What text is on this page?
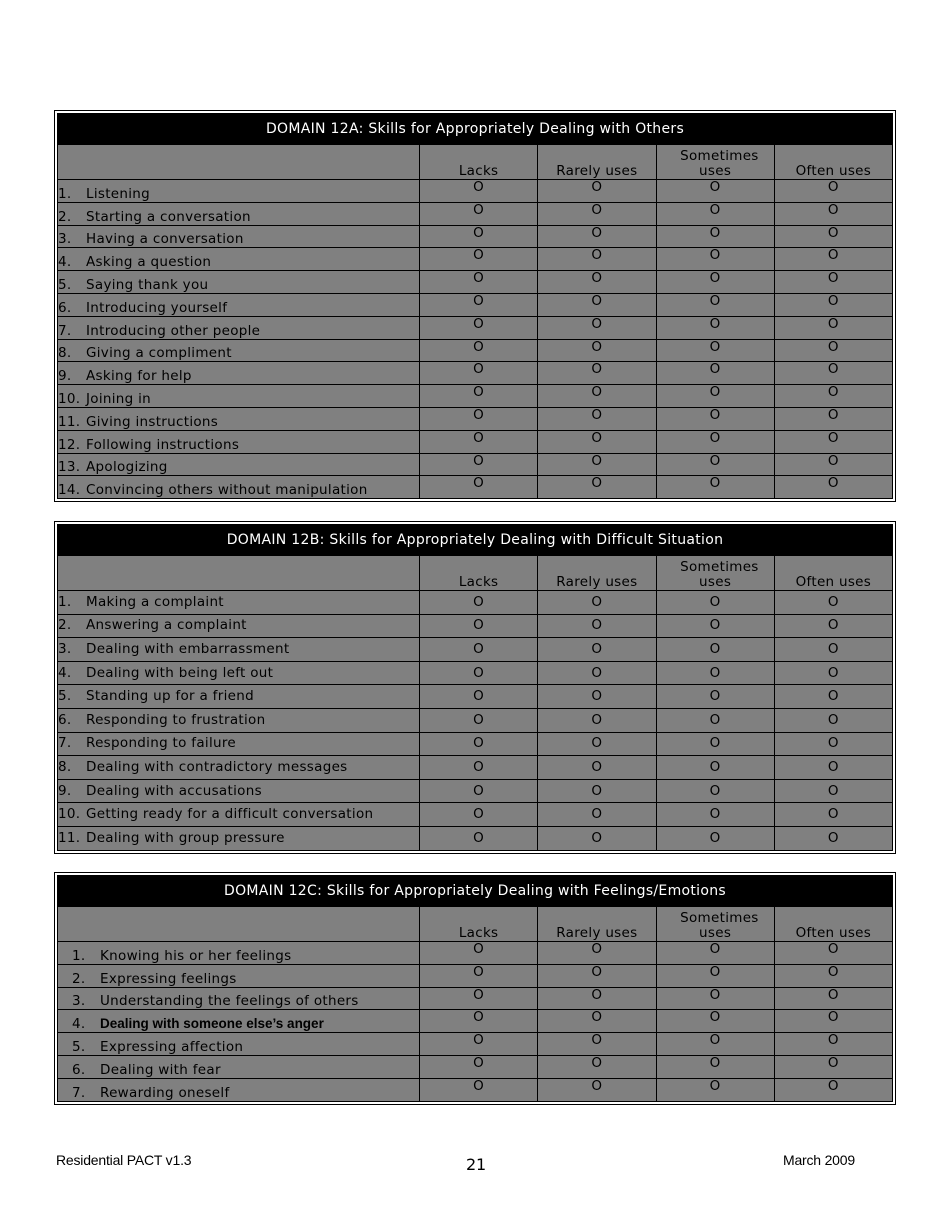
DOMAIN 12A: Skills for Appropriately Dealing with Others				
	Lacks	Rarely uses	Sometimes uses	Often uses
1. Listening	O	O	O	O
2. Starting a conversation	O	O	O	O
3. Having a conversation	O	O	O	O
4. Asking a question	O	O	O	O
5. Saying thank you	O	O	O	O
6. Introducing yourself	O	O	O	O
7. Introducing other people	O	O	O	O
8. Giving a compliment	O	O	O	O
9. Asking for help	O	O	O	O
10. Joining in	O	O	O	O
11. Giving instructions	O	O	O	O
12. Following instructions	O	O	O	O
13. Apologizing	O	O	O	O
14. Convincing others without manipulation	O	O	O	O
DOMAIN 12B: Skills for Appropriately Dealing with Difficult Situation				
	Lacks	Rarely uses	Sometimes uses	Often uses
1. Making a complaint	O	O	O	O
2. Answering a complaint	O	O	O	O
3. Dealing with embarrassment	O	O	O	O
4. Dealing with being left out	O	O	O	O
5. Standing up for a friend	O	O	O	O
6. Responding to frustration	O	O	O	O
7. Responding to failure	O	O	O	O
8. Dealing with contradictory messages	O	O	O	O
9. Dealing with accusations	O	O	O	O
10. Getting ready for a difficult conversation	O	O	O	O
11. Dealing with group pressure	O	O	O	O
DOMAIN 12C: Skills for Appropriately Dealing with Feelings/Emotions				
	Lacks	Rarely uses	Sometimes uses	Often uses
1. Knowing his or her feelings	O	O	O	O
2. Expressing feelings	O	O	O	O
3. Understanding the feelings of others	O	O	O	O
4. Dealing with someone else’s anger	O	O	O	O
5. Expressing affection	O	O	O	O
6. Dealing with fear	O	O	O	O
7. Rewarding oneself	O	O	O	O
Residential PACT v1.3	21	March 2009
